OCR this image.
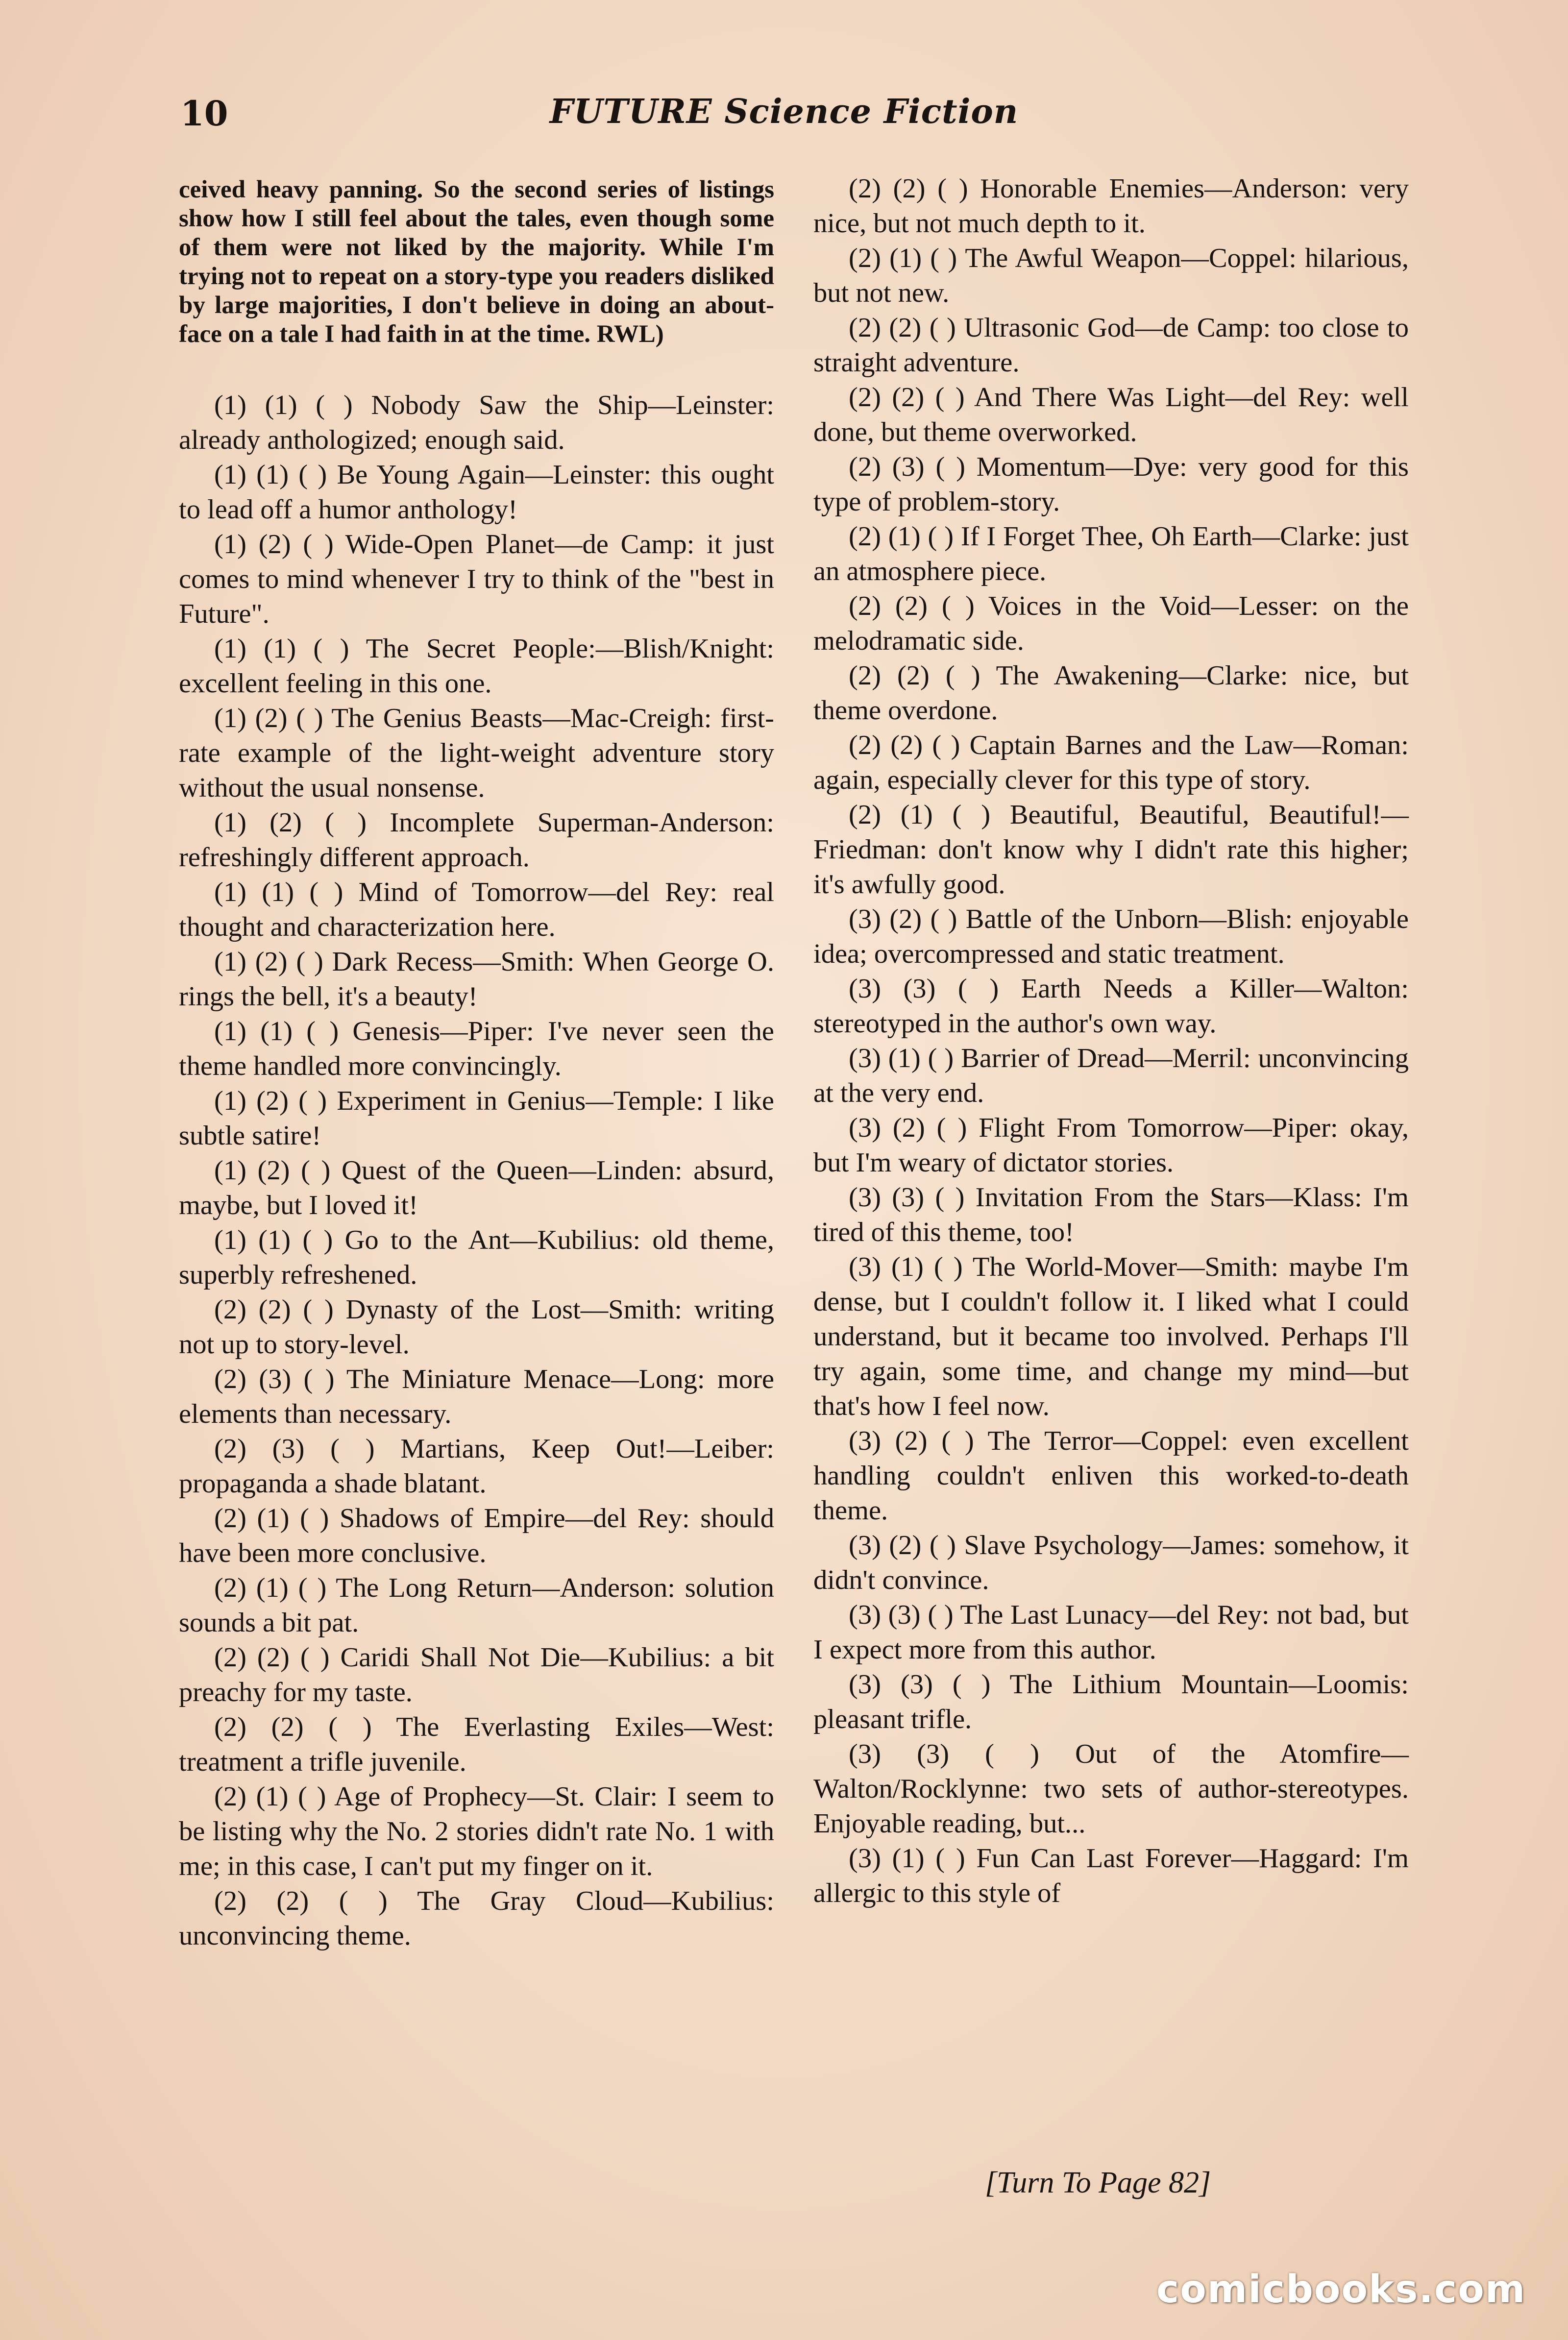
10	FUTURE Science Fiction

ceived heavy panning. So the second series of listings show how I still feel about the tales, even though some of them were not liked by the majority. While I'm trying not to repeat on a story-type you readers disliked by large majorities, I don't believe in doing an about-face on a tale I had faith in at the time. RWL)

(1) (1) ( ) Nobody Saw the Ship—Leinster: already anthologized; enough said.

(1) (1) ( ) Be Young Again—Leinster: this ought to lead off a humor anthology!

(1) (2) ( ) Wide-Open Planet—de Camp: it just comes to mind whenever I try to think of the "best in Future".

(1) (1) ( ) The Secret People:—Blish/Knight: excellent feeling in this one.

(1) (2) ( ) The Genius Beasts—Mac-Creigh: first-rate example of the light-weight adventure story without the usual nonsense.

(1) (2) ( ) Incomplete Superman-Anderson: refreshingly different approach.

(1) (1) ( ) Mind of Tomorrow—del Rey: real thought and characterization here.

(1) (2) ( ) Dark Recess—Smith: When George O. rings the bell, it's a beauty!

(1) (1) ( ) Genesis—Piper: I've never seen the theme handled more convincingly.

(1) (2) ( ) Experiment in Genius—Temple: I like subtle satire!

(1) (2) ( ) Quest of the Queen—Linden: absurd, maybe, but I loved it!

(1) (1) ( ) Go to the Ant—Kubilius: old theme, superbly refreshened.

(2) (2) ( ) Dynasty of the Lost—Smith: writing not up to story-level.

(2) (3) ( ) The Miniature Menace—Long: more elements than necessary.

(2) (3) ( ) Martians, Keep Out!—Leiber: propaganda a shade blatant.

(2) (1) ( ) Shadows of Empire—del Rey: should have been more conclusive.

(2) (1) ( ) The Long Return—Anderson: solution sounds a bit pat.

(2) (2) ( ) Caridi Shall Not Die—Kubilius: a bit preachy for my taste.

(2) (2) ( ) The Everlasting Exiles—West: treatment a trifle juvenile.

(2) (1) ( ) Age of Prophecy—St. Clair: I seem to be listing why the No. 2 stories didn't rate No. 1 with me; in this case, I can't put my finger on it.

(2) (2) ( ) The Gray Cloud—Kubilius: unconvincing theme.

(2) (2) ( ) Honorable Enemies—Anderson: very nice, but not much depth to it.

(2) (1) ( ) The Awful Weapon—Coppel: hilarious, but not new.

(2) (2) ( ) Ultrasonic God—de Camp: too close to straight adventure.

(2) (2) ( ) And There Was Light—del Rey: well done, but theme overworked.

(2) (3) ( ) Momentum—Dye: very good for this type of problem-story.

(2) (1) ( ) If I Forget Thee, Oh Earth—Clarke: just an atmosphere piece.

(2) (2) ( ) Voices in the Void—Lesser: on the melodramatic side.

(2) (2) ( ) The Awakening—Clarke: nice, but theme overdone.

(2) (2) ( ) Captain Barnes and the Law—Roman: again, especially clever for this type of story.

(2) (1) ( ) Beautiful, Beautiful, Beautiful!—Friedman: don't know why I didn't rate this higher; it's awfully good.

(3) (2) ( ) Battle of the Unborn—Blish: enjoyable idea; overcompressed and static treatment.

(3) (3) ( ) Earth Needs a Killer—Walton: stereotyped in the author's own way.

(3) (1) ( ) Barrier of Dread—Merril: unconvincing at the very end.

(3) (2) ( ) Flight From Tomorrow—Piper: okay, but I'm weary of dictator stories.

(3) (3) ( ) Invitation From the Stars—Klass: I'm tired of this theme, too!

(3) (1) ( ) The World-Mover—Smith: maybe I'm dense, but I couldn't follow it. I liked what I could understand, but it became too involved. Perhaps I'll try again, some time, and change my mind—but that's how I feel now.

(3) (2) ( ) The Terror—Coppel: even excellent handling couldn't enliven this worked-to-death theme.

(3) (2) ( ) Slave Psychology—James: somehow, it didn't convince.

(3) (3) ( ) The Last Lunacy—del Rey: not bad, but I expect more from this author.

(3) (3) ( ) The Lithium Mountain—Loomis: pleasant trifle.

(3) (3) ( ) Out of the Atomfire—Walton/Rocklynne: two sets of author-stereotypes. Enjoyable reading, but...

(3) (1) ( ) Fun Can Last Forever—Haggard: I'm allergic to this style of

[Turn To Page 82]
comicbooks.com
